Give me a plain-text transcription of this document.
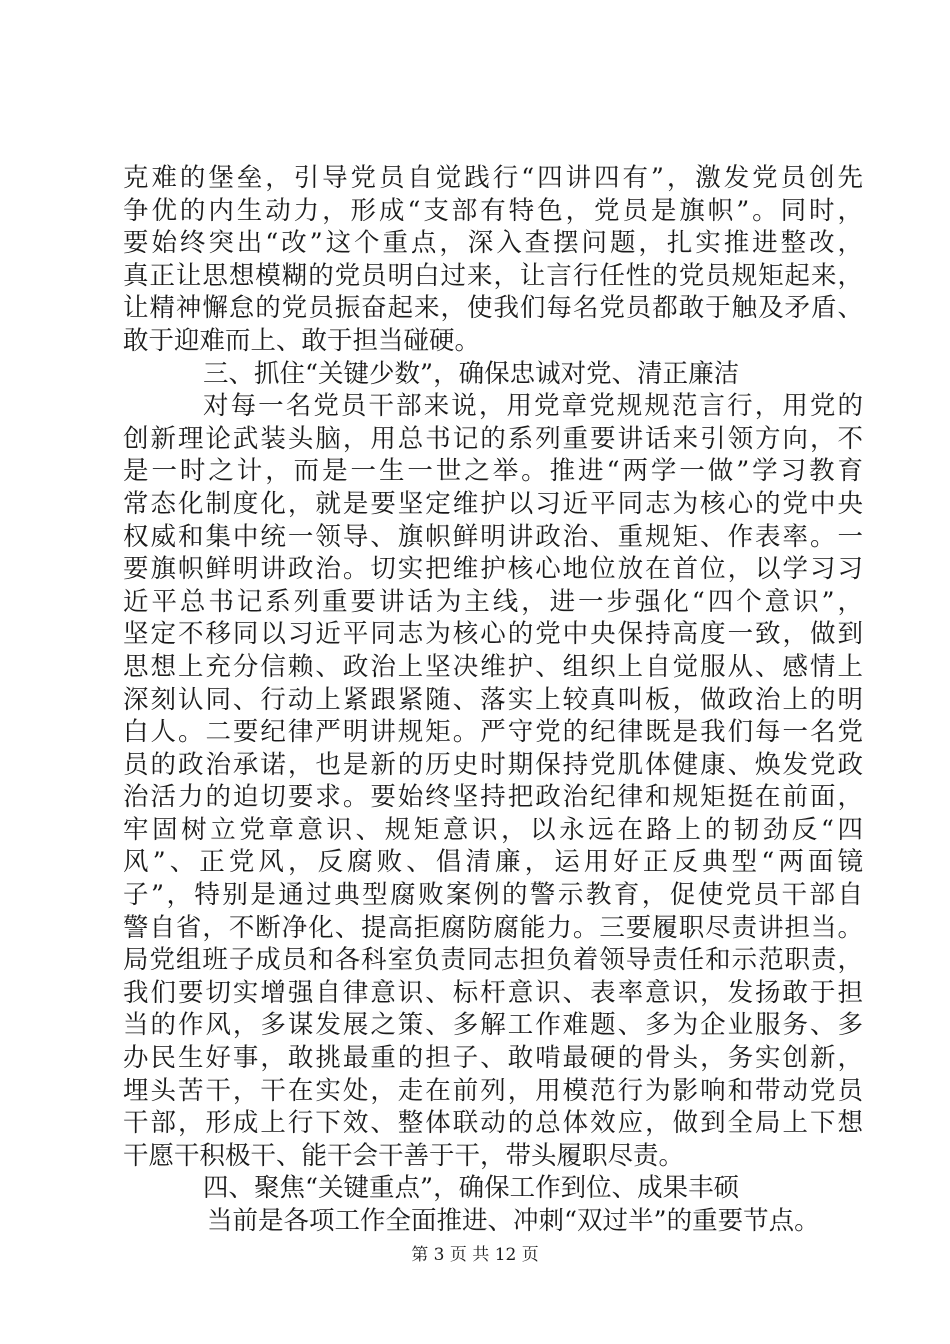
克难的堡垒，引导党员自觉践行“四讲四有”，激发党员创先
争优的内生动力，形成“支部有特色，党员是旗帜”。同时，
要始终突出“改”这个重点，深入查摆问题，扎实推进整改，
真正让思想模糊的党员明白过来，让言行任性的党员规矩起来，
让精神懈怠的党员振奋起来，使我们每名党员都敢于触及矛盾、
敢于迎难而上、敢于担当碰硬。
三、抓住“关键少数”，确保忠诚对党、清正廉洁
对每一名党员干部来说，用党章党规规范言行，用党的
创新理论武装头脑，用总书记的系列重要讲话来引领方向，不
是一时之计，而是一生一世之举。推进“两学一做”学习教育
常态化制度化，就是要坚定维护以习近平同志为核心的党中央
权威和集中统一领导、旗帜鲜明讲政治、重规矩、作表率。一
要旗帜鲜明讲政治。切实把维护核心地位放在首位，以学习习
近平总书记系列重要讲话为主线，进一步强化“四个意识”，
坚定不移同以习近平同志为核心的党中央保持高度一致，做到
思想上充分信赖、政治上坚决维护、组织上自觉服从、感情上
深刻认同、行动上紧跟紧随、落实上较真叫板，做政治上的明
白人。二要纪律严明讲规矩。严守党的纪律既是我们每一名党
员的政治承诺，也是新的历史时期保持党肌体健康、焕发党政
治活力的迫切要求。要始终坚持把政治纪律和规矩挺在前面，
牢固树立党章意识、规矩意识，以永远在路上的韧劲反“四
风”、正党风，反腐败、倡清廉，运用好正反典型“两面镜
子”，特别是通过典型腐败案例的警示教育，促使党员干部自
警自省，不断净化、提高拒腐防腐能力。三要履职尽责讲担当。
局党组班子成员和各科室负责同志担负着领导责任和示范职责，
我们要切实增强自律意识、标杆意识、表率意识，发扬敢于担
当的作风，多谋发展之策、多解工作难题、多为企业服务、多
办民生好事，敢挑最重的担子、敢啃最硬的骨头，务实创新，
埋头苦干，干在实处，走在前列，用模范行为影响和带动党员
干部，形成上行下效、整体联动的总体效应，做到全局上下想
干愿干积极干、能干会干善于干，带头履职尽责。
四、聚焦“关键重点”，确保工作到位、成果丰硕
当前是各项工作全面推进、冲刺“双过半”的重要节点。
第 3 页 共 12 页
